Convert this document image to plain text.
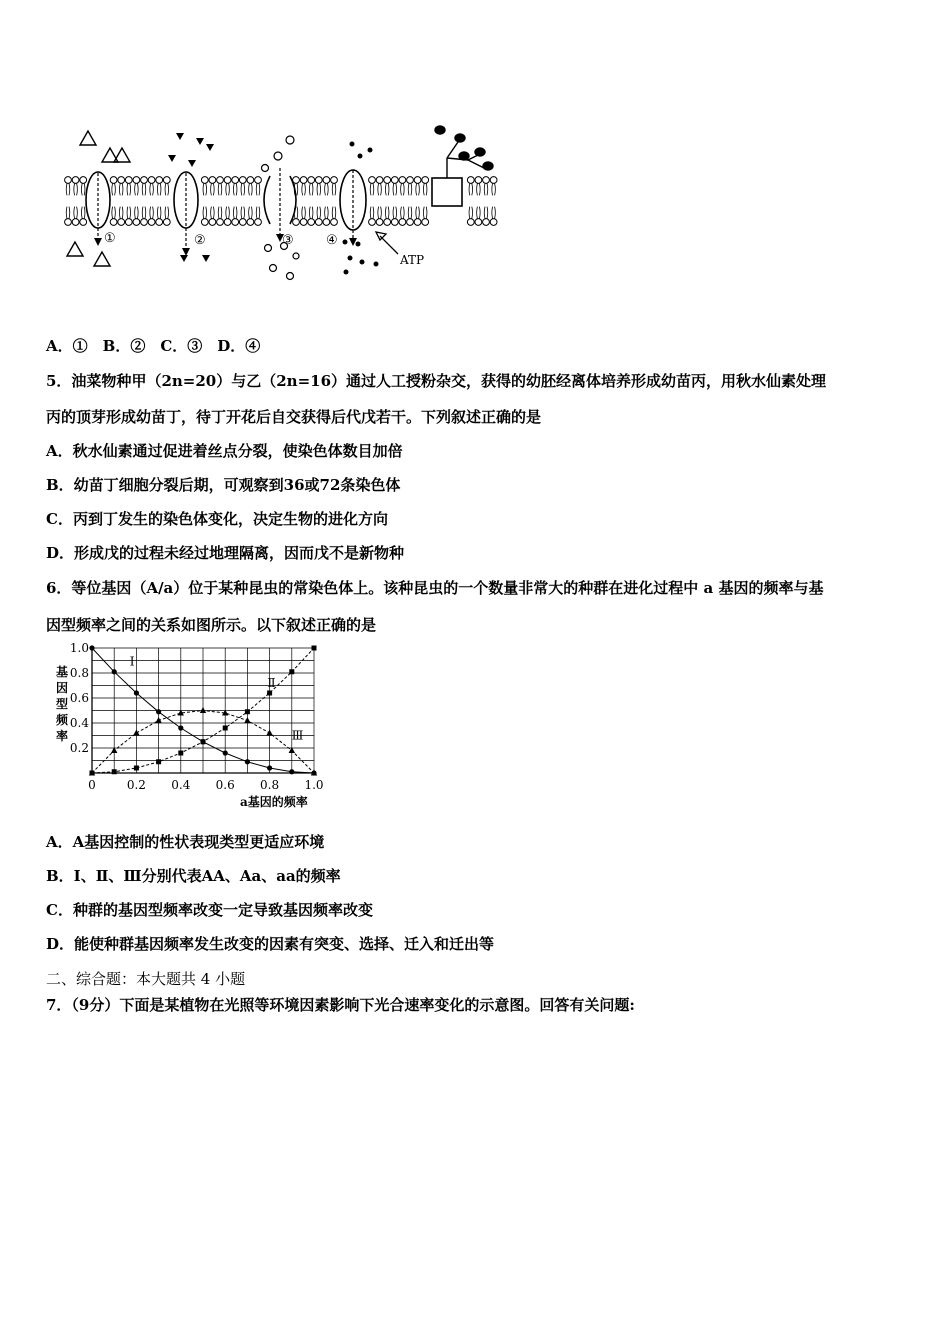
①	②	③ ④
ATP
A．①　B．②　C．③　D．④
5．油菜物种甲（2n=20）与乙（2n=16）通过人工授粉杂交，获得的幼胚经离体培养形成幼苗丙，用秋水仙素处理
丙的顶芽形成幼苗丁，待丁开花后自交获得后代戊若干。下列叙述正确的是
A．秋水仙素通过促进着丝点分裂，使染色体数目加倍
B．幼苗丁细胞分裂后期，可观察到36或72条染色体
C．丙到丁发生的染色体变化，决定生物的进化方向
D．形成戊的过程未经过地理隔离，因而戊不是新物种
6．等位基因（A/a）位于某种昆虫的常染色体上。该种昆虫的一个数量非常大的种群在进化过程中 a 基因的频率与基
因型频率之间的关系如图所示。以下叙述正确的是
基因型频率
0	0.2 0.4 0.6 0.8 1.0
0.2
0.4
0.6
0.8
1.0
Ⅰ
Ⅱ
Ⅲ
a基因的频率
A．A基因控制的性状表现类型更适应环境
B．Ⅰ、Ⅱ、Ⅲ分别代表AA、Aa、aa的频率
C．种群的基因型频率改变一定导致基因频率改变
D．能使种群基因频率发生改变的因素有突变、选择、迁入和迁出等
二、综合题：本大题共 4 小题
7．（9分）下面是某植物在光照等环境因素影响下光合速率变化的示意图。回答有关问题:
